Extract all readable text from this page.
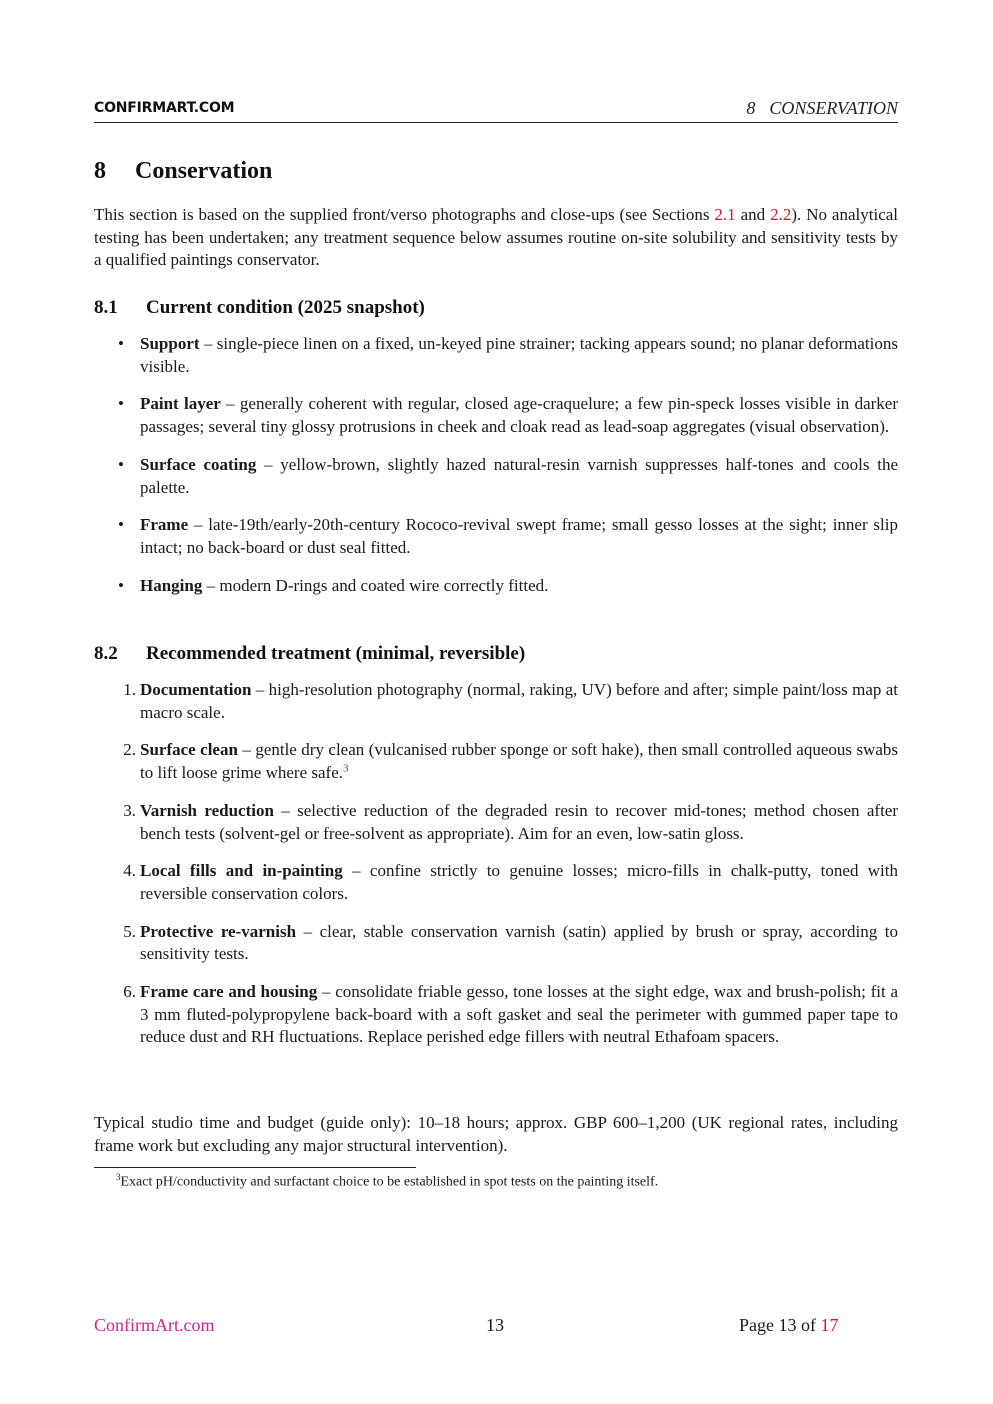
CONFIRMART.COM	8 CONSERVATION
8 Conservation
This section is based on the supplied front/verso photographs and close-ups (see Sections 2.1 and 2.2). No analytical testing has been undertaken; any treatment sequence below assumes routine on-site solubility and sensitivity tests by a qualified paintings conservator.
8.1 Current condition (2025 snapshot)
• Support – single-piece linen on a fixed, un-keyed pine strainer; tacking appears sound; no planar deformations visible.
• Paint layer – generally coherent with regular, closed age-craquelure; a few pin-speck losses visible in darker passages; several tiny glossy protrusions in cheek and cloak read as lead-soap aggregates (visual observation).
• Surface coating – yellow-brown, slightly hazed natural-resin varnish suppresses half-tones and cools the palette.
• Frame – late-19th/early-20th-century Rococo-revival swept frame; small gesso losses at the sight; inner slip intact; no back-board or dust seal fitted.
• Hanging – modern D-rings and coated wire correctly fitted.
8.2 Recommended treatment (minimal, reversible)
1. Documentation – high-resolution photography (normal, raking, UV) before and after; simple paint/loss map at macro scale.
2. Surface clean – gentle dry clean (vulcanised rubber sponge or soft hake), then small controlled aqueous swabs to lift loose grime where safe.$^3$
3. Varnish reduction – selective reduction of the degraded resin to recover mid-tones; method chosen after bench tests (solvent-gel or free-solvent as appropriate). Aim for an even, low-satin gloss.
4. Local fills and in-painting – confine strictly to genuine losses; micro-fills in chalk-putty, toned with reversible conservation colors.
5. Protective re-varnish – clear, stable conservation varnish (satin) applied by brush or spray, according to sensitivity tests.
6. Frame care and housing – consolidate friable gesso, tone losses at the sight edge, wax and brush-polish; fit a 3 mm fluted-polypropylene back-board with a soft gasket and seal the perimeter with gummed paper tape to reduce dust and RH fluctuations. Replace perished edge fillers with neutral Ethafoam spacers.
Typical studio time and budget (guide only): 10–18 hours; approx. GBP 600–1,200 (UK regional rates, including frame work but excluding any major structural intervention).
$^3$Exact pH/conductivity and surfactant choice to be established in spot tests on the painting itself.
ConfirmArt.com	13	Page 13 of 17
